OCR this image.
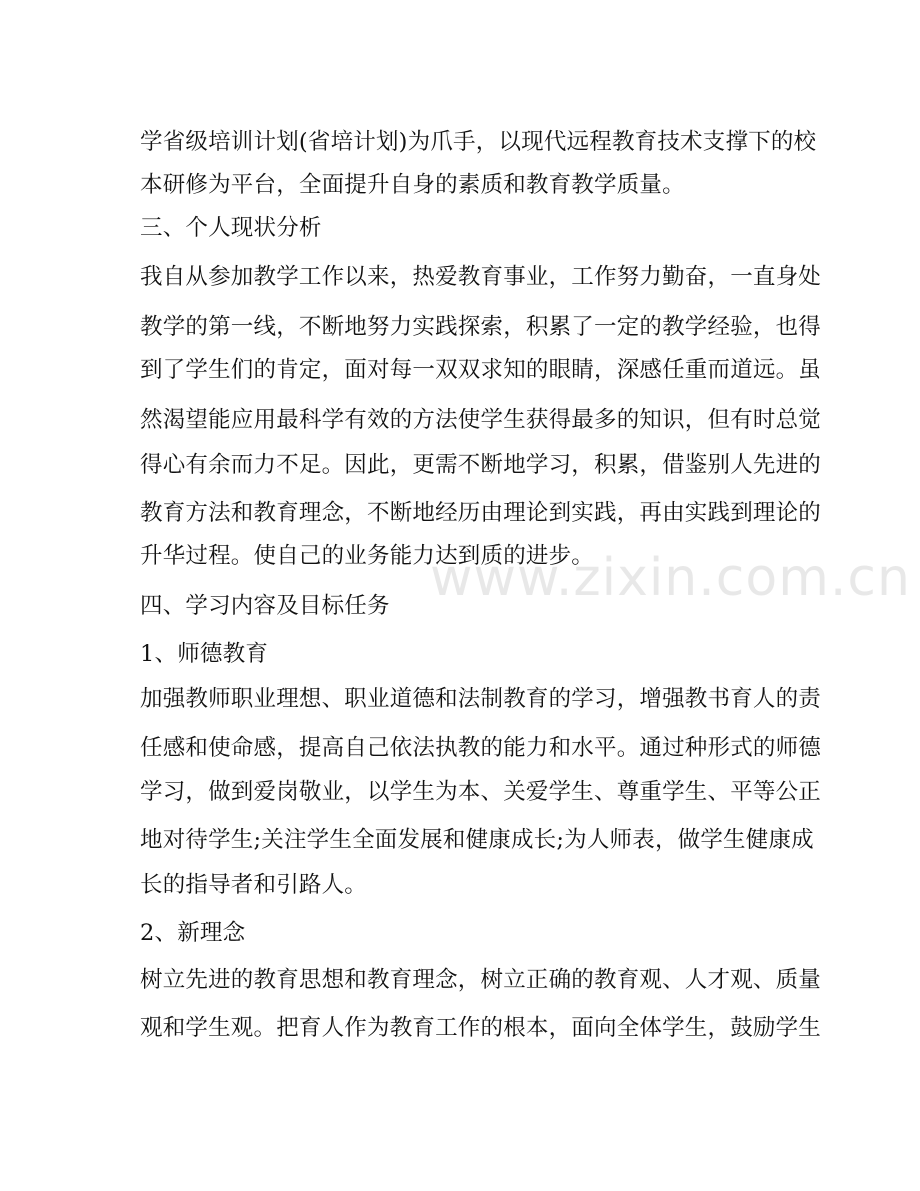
学省级培训计划(省培计划)为爪手，以现代远程教育技术支撑下的校
本研修为平台，全面提升自身的素质和教育教学质量。
三、个人现状分析
我自从参加教学工作以来，热爱教育事业，工作努力勤奋，一直身处
教学的第一线，不断地努力实践探索，积累了一定的教学经验，也得
到了学生们的肯定，面对每一双双求知的眼睛，深感任重而道远。虽
然渴望能应用最科学有效的方法使学生获得最多的知识，但有时总觉
得心有余而力不足。因此，更需不断地学习，积累，借鉴别人先进的
教育方法和教育理念，不断地经历由理论到实践，再由实践到理论的
升华过程。使自己的业务能力达到质的进步。
四、学习内容及目标任务
1、师德教育
加强教师职业理想、职业道德和法制教育的学习，增强教书育人的责
任感和使命感，提高自己依法执教的能力和水平。通过种形式的师德
学习，做到爱岗敬业，以学生为本、关爱学生、尊重学生、平等公正
地对待学生;关注学生全面发展和健康成长;为人师表，做学生健康成
长的指导者和引路人。
2、新理念
树立先进的教育思想和教育理念，树立正确的教育观、人才观、质量
观和学生观。把育人作为教育工作的根本，面向全体学生，鼓励学生
www.zixin.com.cn
